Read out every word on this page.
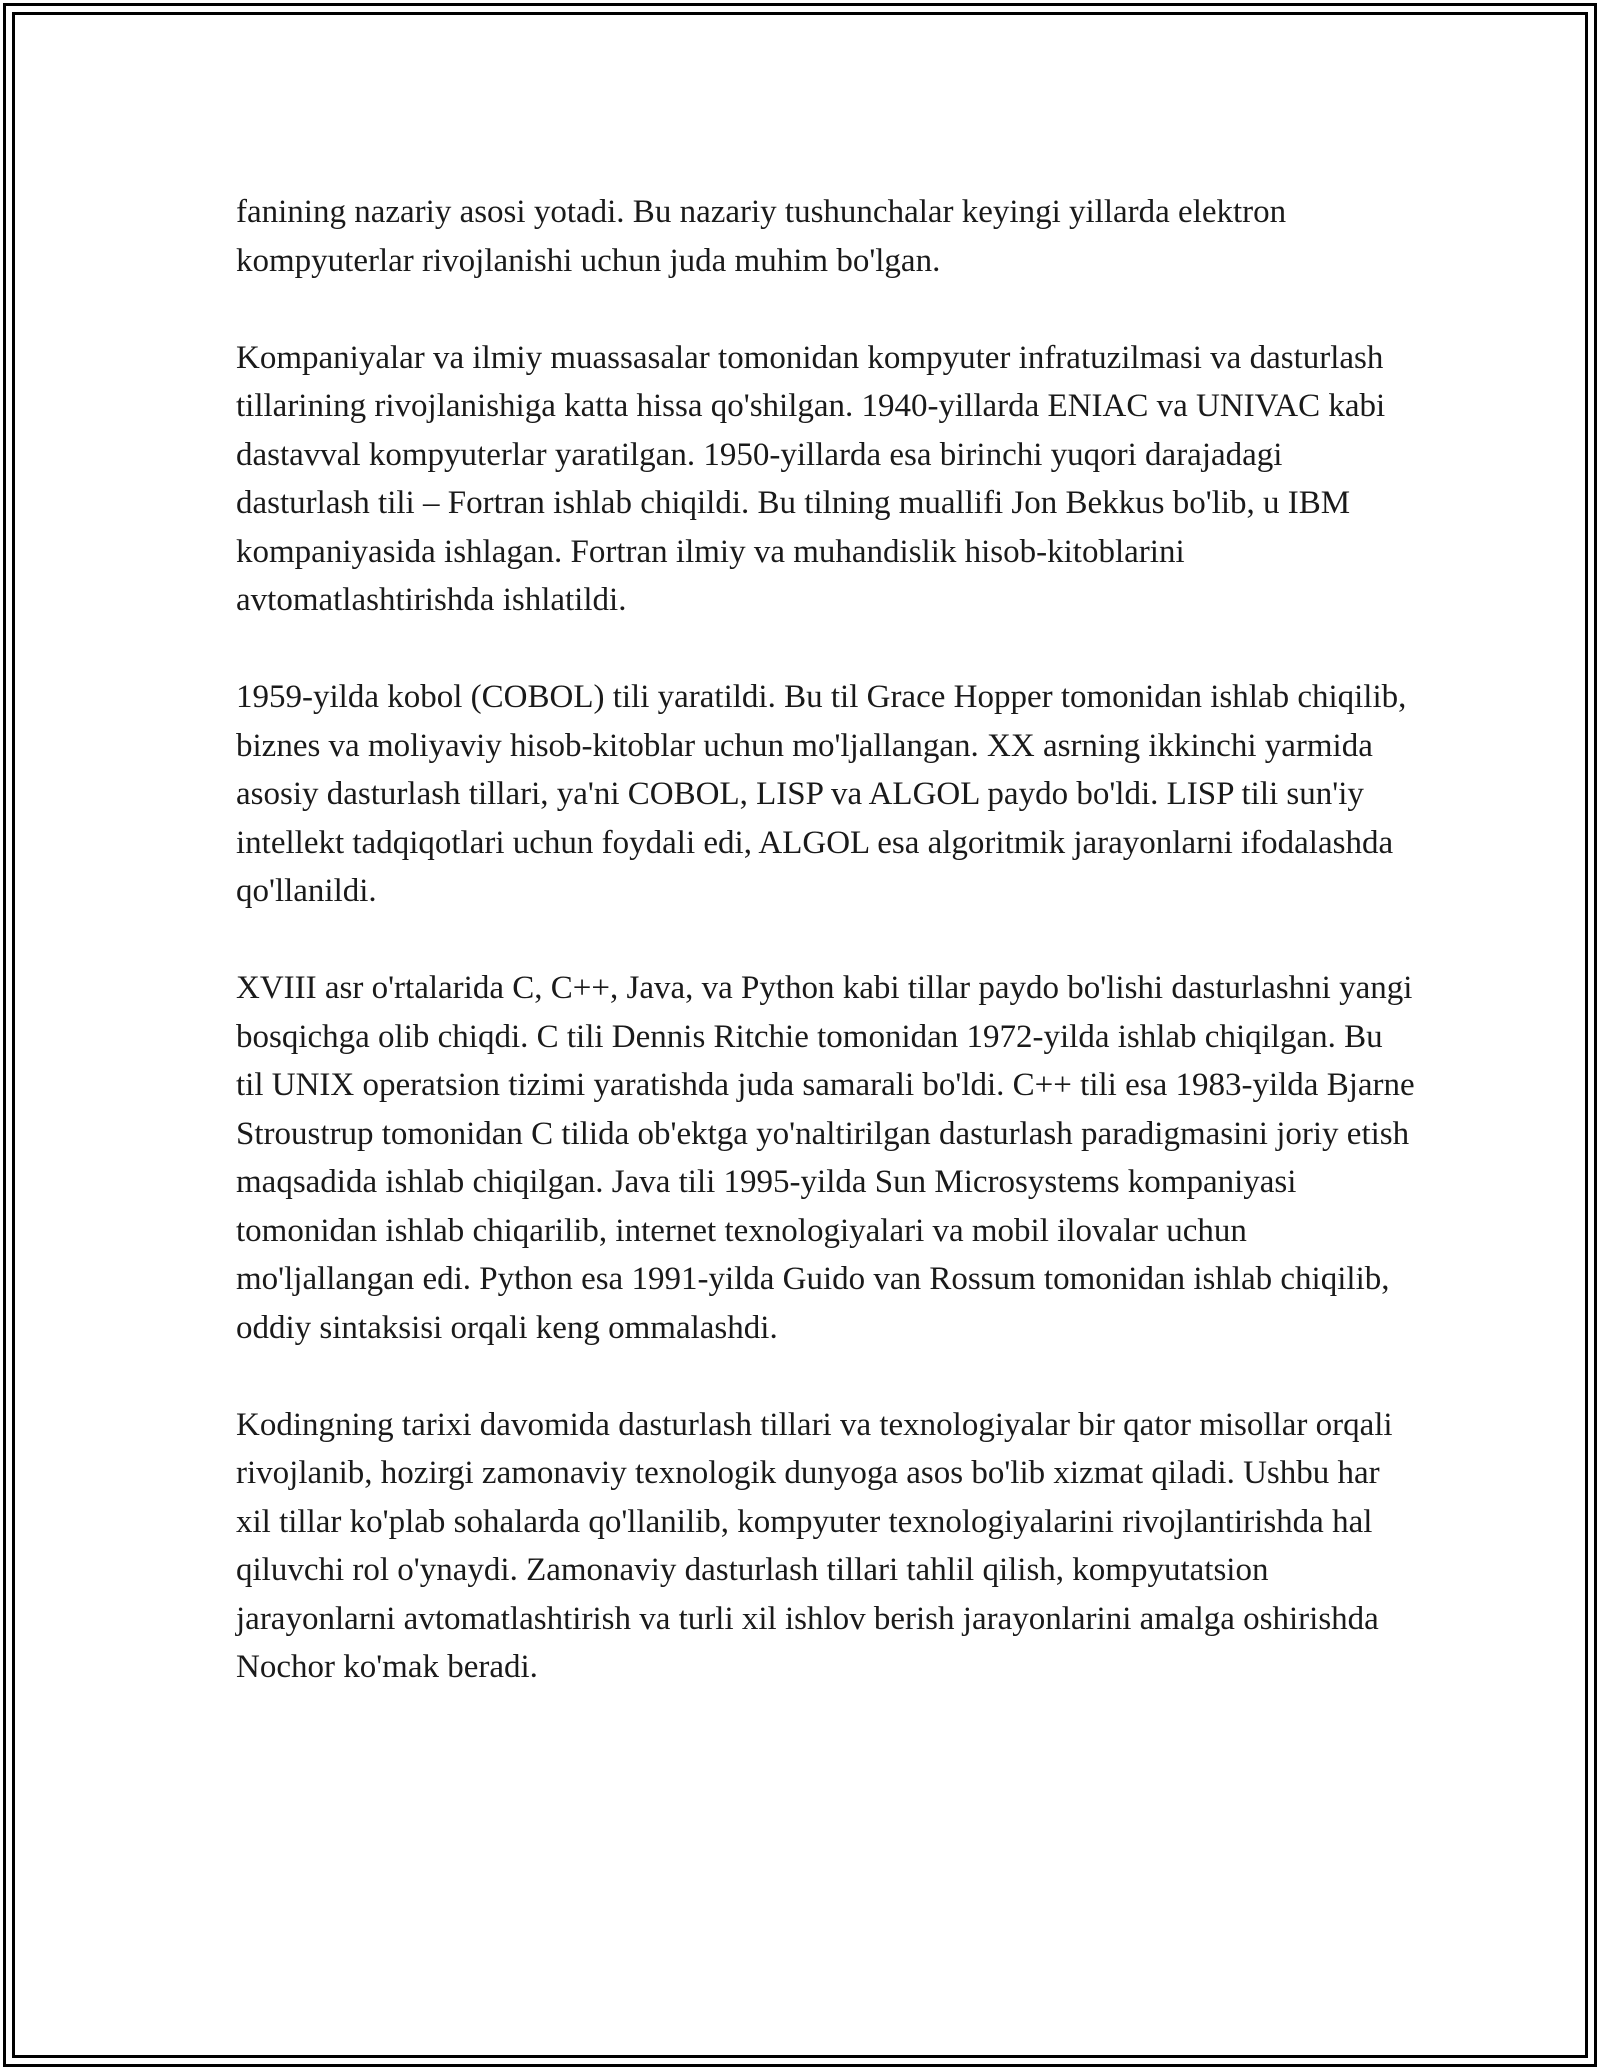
fanining nazariy asosi yotadi. Bu nazariy tushunchalar keyingi yillarda elektron kompyuterlar rivojlanishi uchun juda muhim bo'lgan.

Kompaniyalar va ilmiy muassasalar tomonidan kompyuter infratuzilmasi va dasturlash tillarining rivojlanishiga katta hissa qo'shilgan. 1940-yillarda ENIAC va UNIVAC kabi dastavval kompyuterlar yaratilgan. 1950-yillarda esa birinchi yuqori darajadagi dasturlash tili – Fortran ishlab chiqildi. Bu tilning muallifi Jon Bekkus bo'lib, u IBM kompaniyasida ishlagan. Fortran ilmiy va muhandislik hisob-kitoblarini avtomatlashtirishda ishlatildi.

1959-yilda kobol (COBOL) tili yaratildi. Bu til Grace Hopper tomonidan ishlab chiqilib, biznes va moliyaviy hisob-kitoblar uchun mo'ljallangan. XX asrning ikkinchi yarmida asosiy dasturlash tillari, ya'ni COBOL, LISP va ALGOL paydo bo'ldi. LISP tili sun'iy intellekt tadqiqotlari uchun foydali edi, ALGOL esa algoritmik jarayonlarni ifodalashda qo'llanildi.

XVIII asr o'rtalarida C, C++, Java, va Python kabi tillar paydo bo'lishi dasturlashni yangi bosqichga olib chiqdi. C tili Dennis Ritchie tomonidan 1972-yilda ishlab chiqilgan. Bu til UNIX operatsion tizimi yaratishda juda samarali bo'ldi. C++ tili esa 1983-yilda Bjarne Stroustrup tomonidan C tilida ob'ektga yo'naltirilgan dasturlash paradigmasini joriy etish maqsadida ishlab chiqilgan. Java tili 1995-yilda Sun Microsystems kompaniyasi tomonidan ishlab chiqarilib, internet texnologiyalari va mobil ilovalar uchun mo'ljallangan edi. Python esa 1991-yilda Guido van Rossum tomonidan ishlab chiqilib, oddiy sintaksisi orqali keng ommalashdi.

Kodingning tarixi davomida dasturlash tillari va texnologiyalar bir qator misollar orqali rivojlanib, hozirgi zamonaviy texnologik dunyoga asos bo'lib xizmat qiladi. Ushbu har xil tillar ko'plab sohalarda qo'llanilib, kompyuter texnologiyalarini rivojlantirishda hal qiluvchi rol o'ynaydi. Zamonaviy dasturlash tillari tahlil qilish, kompyutatsion jarayonlarni avtomatlashtirish va turli xil ishlov berish jarayonlarini amalga oshirishda Nochor ko'mak beradi.
